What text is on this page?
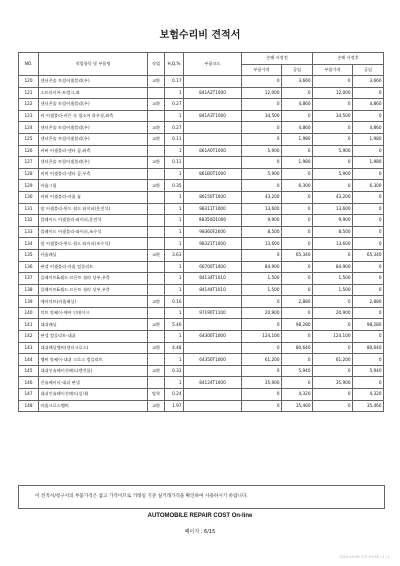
보험수리비 견적서
NO.	작업항목 및 부품명	작업	H,Q,%	부품코드	손해 사정전		손해 사정후	
					부품가격	공임	부품가격	공임
120	센터콘솔 트림어셈블리(우)	교환	0.17		0	3,660	0	3,660
121	스트라이커-트렁크,좌		1	841A2T1000	12,000	0	12,000	0
122	센터콘솔 트림어셈블리(우)	교환	0.27		0	4,860	0	4,860
123	커 어셈블리-커튼 속 업소어 하우징,좌측		1	841A3T1000	34,500	0	34,500	0
124	센터콘솔 트림어셈블리(우)	교환	0.27		0	4,860	0	4,860
125	센터콘솔 트림어셈블리(우)	교환	0.11		0	1,980	0	1,980
126	커버 어셈블리-센터 콤,좌측		1	861A0T1000	5,900	0	5,900	0
127	센터콘솔 트림어셈블리(우)	교환	0.11		0	1,980	0	1,980
128	커버 어셈블리-센터 콤,우측		1	861B0T1000	5,900	0	5,900	0
129	카울그릴	교환	0.35		0	6,300	0	6,300
130	커버 어셈블리-카울 톱		1	86150T1000	43,200	0	43,200	0
131	암 어셈블리-윈드 쉴드 와이퍼(운전석)		1	98311T1000	13,600	0	13,600	0
132	블레이드 어셈블리-와이퍼,운전석		1	98350D1000	9,900	0	9,900	0
133	블레이드 어셈블리-와이퍼,조수석		1	98360F2600	8,500	0	8,500	0
134	암 어셈블리-윈드 쉴드 와이퍼(조수석)		1	98321T1000	13,600	0	13,600	0
135	카울패널	교환	3.63		0	65,340	0	65,340
136	판넬 어셈블리-카울 컴플리트		1	66700T1000	84,900	0	84,900	0
137	플레이트&쉐드-프론트 쉴라 상부,우측		1	84134T1010	1,500	0	1,500	0
138	플레이트&쉐드-프론트 쉴라 상부,우측		1	84144T1010	1,500	0	1,500	0
139	에어덕트(카울패널)	교환	0.16		0	2,880	0	2,880
140	덕트 앗쎄이-에어 인테이크		1	97190T1100	20,900	0	20,900	0
141	대쉬패널	교환	5.46		0	98,280	0	98,280
142	판넬 컴플리트-대쉬		1	64300T1000	124,100	0	124,100	0
143	대쉬패널멤버(센터크로스)	교환	4.48		0	80,640	0	80,640
144	멤버 앗쎄이-대쉬 크로스 컴플리트		1	64350T1000	61,200	0	61,200	0
145	대쉬인슐레이션패드(엔진룸)	교환	0.33		0	5,940	0	5,940
146	인슐레이터-대쉬 판넬		1	84124T1000	35,900	0	35,900	0
147	대쉬인슐레이션패드(실내)	탈착	0.24		0	4,320	0	4,320
148	카울크로스멤버	교환	1.97		0	35,460	0	35,460
이 견적서/청구서의 부품가격은 참고 가격이므로 거래일 기준 실거래가격을 확인하여 사용하시기 바랍니다.
AUTOMOBILE REPAIR COST On-line
페이지 : 6/15
2023-03-09 오후 07:58 / 1 / 1
